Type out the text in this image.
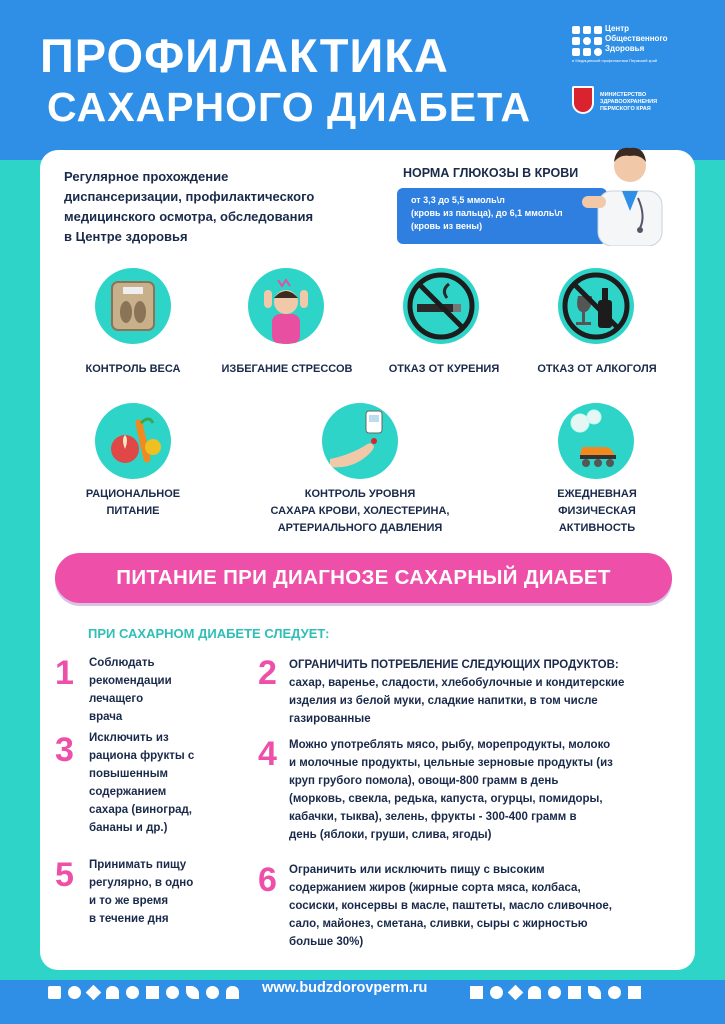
ПРОФИЛАКТИКА
САХАРНОГО ДИАБЕТА
Центр
Общественного
Здоровья
и Медицинской профилактики Пермский край
МИНИСТЕРСТВО
ЗДРАВООХРАНЕНИЯ
ПЕРМСКОГО КРАЯ
Регулярное прохождение
диспансеризации, профилактического
медицинского осмотра, обследования
в Центре здоровья
НОРМА ГЛЮКОЗЫ В КРОВИ
от 3,3 до 5,5 ммоль\л
(кровь из пальца), до 6,1 ммоль\л
(кровь из вены)
КОНТРОЛЬ ВЕСА	ИЗБЕГАНИЕ СТРЕССОВ	ОТКАЗ ОТ КУРЕНИЯ	ОТКАЗ ОТ АЛКОГОЛЯ
РАЦИОНАЛЬНОЕ
ПИТАНИЕ
КОНТРОЛЬ УРОВНЯ
САХАРА КРОВИ, ХОЛЕСТЕРИНА,
АРТЕРИАЛЬНОГО ДАВЛЕНИЯ
ЕЖЕДНЕВНАЯ
ФИЗИЧЕСКАЯ
АКТИВНОСТЬ
ПИТАНИЕ ПРИ ДИАГНОЗЕ САХАРНЫЙ ДИАБЕТ
ПРИ САХАРНОМ ДИАБЕТЕ СЛЕДУЕТ:
1 Соблюдать
рекомендации
лечащего
врача
2 ОГРАНИЧИТЬ ПОТРЕБЛЕНИЕ СЛЕДУЮЩИХ ПРОДУКТОВ:
сахар, варенье, сладости, хлебобулочные и кондитерские
изделия из белой муки, сладкие напитки, в том числе
газированные
3 Исключить из
рациона фрукты с
повышенным
содержанием
сахара (виноград,
бананы и др.)
4 Можно употреблять мясо, рыбу, морепродукты, молоко
и молочные продукты, цельные зерновые продукты (из
круп грубого помола), овощи-800 грамм в день
(морковь, свекла, редька, капуста, огурцы, помидоры,
кабачки, тыква), зелень, фрукты - 300-400 грамм в
день (яблоки, груши, слива, ягоды)
5 Принимать пищу
регулярно, в одно
и то же время
в течение дня
6 Ограничить или исключить пищу с высоким
содержанием жиров (жирные сорта мяса, колбаса,
сосиски, консервы в масле, паштеты, масло сливочное,
сало, майонез, сметана, сливки, сыры с жирностью
больше 30%)
www.budzdorovperm.ru
